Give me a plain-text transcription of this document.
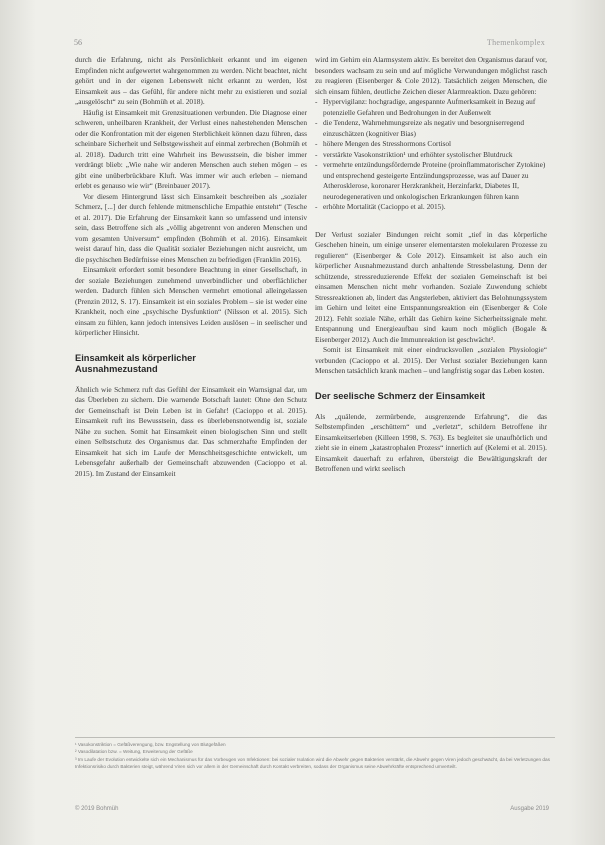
56	Themenkomplex

durch die Erfahrung, nicht als Persönlichkeit erkannt und im eigenen Empfinden nicht aufgewertet wahrgenommen zu werden. Nicht beachtet, nicht gehört und in der eigenen Lebenswelt nicht erkannt zu werden, löst Einsamkeit aus – das Gefühl, für andere nicht mehr zu existieren und sozial „ausgelöscht“ zu sein (Bohmüh et al. 2018).

Häufig ist Einsamkeit mit Grenzsituationen verbunden. Die Diagnose einer schweren, unheilbaren Krankheit, der Verlust eines nahestehenden Menschen oder die Konfrontation mit der eigenen Sterblichkeit können dazu führen, dass scheinbare Sicherheit und Selbstgewissheit auf einmal zerbrechen (Bohmüh et al. 2018). Dadurch tritt eine Wahrheit ins Bewusstsein, die bisher immer verdrängt blieb: „Wie nahe wir anderen Menschen auch stehen mögen – es gibt eine unüberbrückbare Kluft. Was immer wir auch erleben – niemand erlebt es genauso wie wir“ (Breinbauer 2017).

Vor diesem Hintergrund lässt sich Einsamkeit beschreiben als „sozialer Schmerz, [...] der durch fehlende mitmenschliche Empathie entsteht“ (Tesche et al. 2017). Die Erfahrung der Einsamkeit kann so umfassend und intensiv sein, dass Betroffene sich als „völlig abgetrennt von anderen Menschen und vom gesamten Universum“ empfinden (Bohmüh et al. 2016). Einsamkeit weist darauf hin, dass die Qualität sozialer Beziehungen nicht ausreicht, um die psychischen Bedürfnisse eines Menschen zu befriedigen (Franklin 2016).

Einsamkeit erfordert somit besondere Beachtung in einer Gesellschaft, in der soziale Beziehungen zunehmend unverbindlicher und oberflächlicher werden. Dadurch fühlen sich Menschen vermehrt emotional alleingelassen (Prenzin 2012, S. 17). Einsamkeit ist ein soziales Problem – sie ist weder eine Krankheit, noch eine „psychische Dysfunktion“ (Nilsson et al. 2015). Sich einsam zu fühlen, kann jedoch intensives Leiden auslösen – in seelischer und körperlicher Hinsicht.

Einsamkeit als körperlicher
Ausnahmezustand

Ähnlich wie Schmerz ruft das Gefühl der Einsamkeit ein Warnsignal dar, um das Überleben zu sichern. Die warnende Botschaft lautet: Ohne den Schutz der Gemeinschaft ist Dein Leben ist in Gefahr! (Cacioppo et al. 2015). Einsamkeit ruft ins Bewusstsein, dass es überlebensnotwendig ist, soziale Nähe zu suchen. Somit hat Einsamkeit einen biologischen Sinn und stellt einen Selbstschutz des Organismus dar. Das schmerzhafte Empfinden der Einsamkeit hat sich im Laufe der Menschheitsgeschichte entwickelt, um Lebensgefahr außerhalb der Gemeinschaft abzuwenden (Cacioppo et al. 2015). Im Zustand der Einsamkeit

wird im Gehirn ein Alarmsystem aktiv. Es bereitet den Organismus darauf vor, besonders wachsam zu sein und auf mögliche Verwundungen möglichst rasch zu reagieren (Eisenberger & Cole 2012). Tatsächlich zeigen Menschen, die sich einsam fühlen, deutliche Zeichen dieser Alarmreaktion. Dazu gehören:

- Hypervigilanz: hochgradige, angespannte Aufmerksamkeit in Bezug auf potenzielle Gefahren und Bedrohungen in der Außenwelt
- die Tendenz, Wahrnehmungsreize als negativ und besorgniserregend einzuschätzen (kognitiver Bias)
- höhere Mengen des Stresshormons Cortisol
- verstärkte Vasokonstriktion¹ und erhöhter systolischer Blutdruck
- vermehrte entzündungsfördernde Proteine (proinflammatorischer Zytokine) und entsprechend gesteigerte Entzündungsprozesse, was auf Dauer zu Atherosklerose, koronarer Herzkrankheit, Herzinfarkt, Diabetes II, neurodegenerativen und onkologischen Erkrankungen führen kann
- erhöhte Mortalität (Cacioppo et al. 2015).

Der Verlust sozialer Bindungen reicht somit „tief in das körperliche Geschehen hinein, um einige unserer elementarsten molekularen Prozesse zu regulieren“ (Eisenberger & Cole 2012). Einsamkeit ist also auch ein körperlicher Ausnahmezustand durch anhaltende Stressbelastung. Denn der schützende, stressreduzierende Effekt der sozialen Gemeinschaft ist bei einsamen Menschen nicht mehr vorhanden. Soziale Zuwendung schiebt Stressreaktionen ab, lindert das Angsterleben, aktiviert das Belohnungssystem im Gehirn und leitet eine Entspannungsreaktion ein (Eisenberger & Cole 2012). Fehlt soziale Nähe, erhält das Gehirn keine Sicherheitssignale mehr. Entspannung und Energieaufbau sind kaum noch möglich (Bogale & Eisenberger 2012). Auch die Immunreaktion ist geschwächt².

Somit ist Einsamkeit mit einer eindrucksvollen „sozialen Physiologie“ verbunden (Cacioppo et al. 2015). Der Verlust sozialer Beziehungen kann Menschen tatsächlich krank machen – und langfristig sogar das Leben kosten.

Der seelische Schmerz der Einsamkeit

Als „quälende, zermürbende, ausgrenzende Erfahrung“, die das Selbstempfinden „erschüttern“ und „verletzt“, schildern Betroffene ihr Einsamkeitserleben (Killeen 1998, S. 763). Es begleitet sie unaufhörlich und zieht sie in einem „katastrophalen Prozess“ innerlich auf (Kelemi et al. 2015). Einsamkeit dauerhaft zu erfahren, übersteigt die Bewältigungskraft der Betroffenen und wirkt seelisch

¹ Vasokonstriktion = Gefäßverengung, bzw. Engstellung von Blutgefäßen
² Vasodilatation bzw. = Weitung, Erweiterung der Gefäße
³ Im Laufe der Evolution entwickelte sich ein Mechanismus für das Vorbeugen von Infektionen: bei sozialer Isolation wird die Abwehr gegen Bakterien verstärkt, die Abwehr gegen Viren jedoch geschwächt, da bei Verletzungen das Infektionsrisiko durch Bakterien steigt, während Viren sich vor allem in der Gemeinschaft durch Kontakt verbreiten, sodass der Organismus seine Abwehrkräfte entsprechend umverteilt.
© 2019 Bohmüh	Ausgabe 2019
